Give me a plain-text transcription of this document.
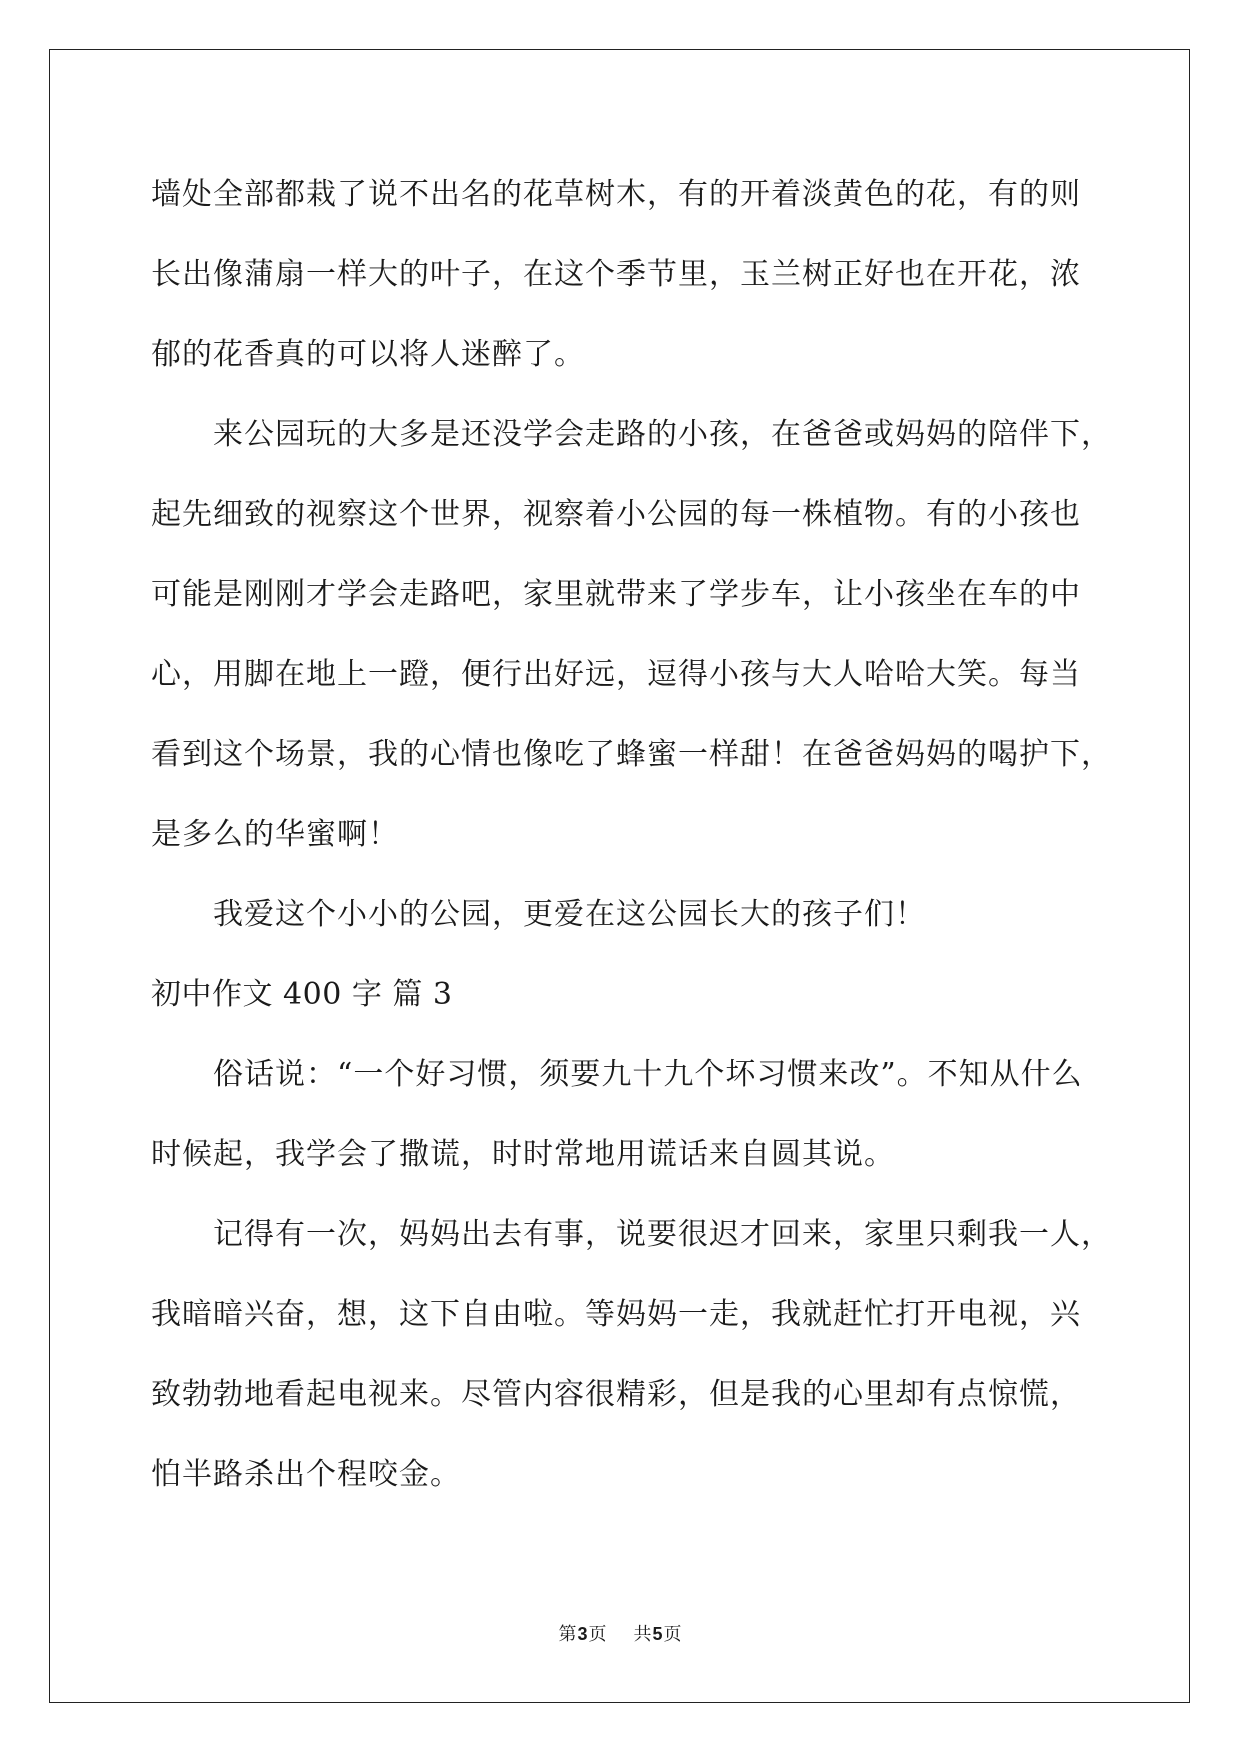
墙处全部都栽了说不出名的花草树木，有的开着淡黄色的花，有的则
长出像蒲扇一样大的叶子，在这个季节里，玉兰树正好也在开花，浓
郁的花香真的可以将人迷醉了。
来公园玩的大多是还没学会走路的小孩，在爸爸或妈妈的陪伴下，
起先细致的视察这个世界，视察着小公园的每一株植物。有的小孩也
可能是刚刚才学会走路吧，家里就带来了学步车，让小孩坐在车的中
心，用脚在地上一蹬，便行出好远，逗得小孩与大人哈哈大笑。每当
看到这个场景，我的心情也像吃了蜂蜜一样甜！在爸爸妈妈的喝护下，
是多么的华蜜啊！
我爱这个小小的公园，更爱在这公园长大的孩子们！
初中作文 400 字 篇 3
俗话说：“一个好习惯，须要九十九个坏习惯来改”。不知从什么
时候起，我学会了撒谎，时时常地用谎话来自圆其说。
记得有一次，妈妈出去有事，说要很迟才回来，家里只剩我一人，
我暗暗兴奋，想，这下自由啦。等妈妈一走，我就赶忙打开电视，兴
致勃勃地看起电视来。尽管内容很精彩，但是我的心里却有点惊慌，
怕半路杀出个程咬金。
第3页 共5页
